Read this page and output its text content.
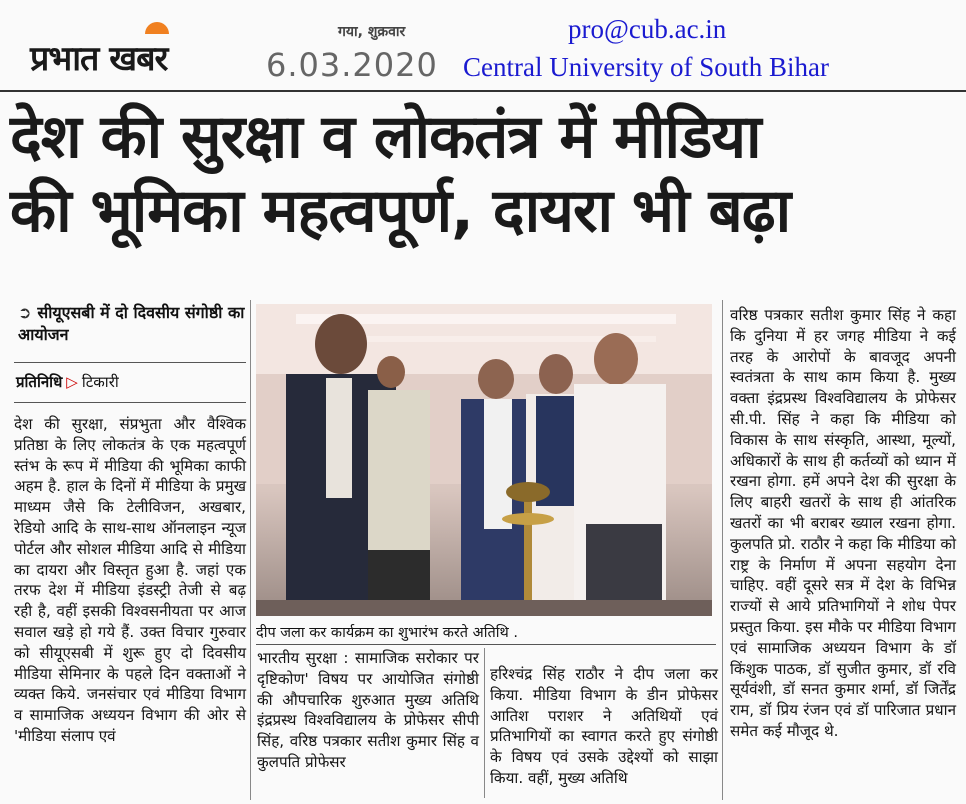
प्रभात खबर
गया, शुक्रवार
6.03.2020
pro@cub.ac.in
Central University of South Bihar
देश की सुरक्षा व लोकतंत्र में मीडिया
की भूमिका महत्वपूर्ण, दायरा भी बढ़ा
➲ सीयूएसबी में दो दिवसीय संगोष्ठी का आयोजन
प्रतिनिधि ▷ टिकारी
देश की सुरक्षा, संप्रभुता और वैश्विक प्रतिष्ठा के लिए लोकतंत्र के एक महत्वपूर्ण स्तंभ के रूप में मीडिया की भूमिका काफी अहम है. हाल के दिनों में मीडिया के प्रमुख माध्यम जैसे कि टेलीविजन, अखबार, रेडियो आदि के साथ-साथ ऑनलाइन न्यूज पोर्टल और सोशल मीडिया आदि से मीडिया का दायरा और विस्तृत हुआ है. जहां एक तरफ देश में मीडिया इंडस्ट्री तेजी से बढ़ रही है, वहीं इसकी विश्वसनीयता पर आज सवाल खड़े हो गये हैं. उक्त विचार गुरुवार को सीयूएसबी में शुरू हुए दो दिवसीय मीडिया सेमिनार के पहले दिन वक्ताओं ने व्यक्त किये. जनसंचार एवं मीडिया विभाग व सामाजिक अध्ययन विभाग की ओर से 'मीडिया संलाप एवं
दीप जला कर कार्यक्रम का शुभारंभ करते अतिथि .
भारतीय सुरक्षा : सामाजिक सरोकार पर दृष्टिकोण' विषय पर आयोजित संगोष्ठी की औपचारिक शुरुआत मुख्य अतिथि इंद्रप्रस्थ विश्वविद्यालय के प्रोफेसर सीपी सिंह, वरिष्ठ पत्रकार सतीश कुमार सिंह व कुलपति प्रोफेसर
हरिश्चंद्र सिंह राठौर ने दीप जला कर किया. मीडिया विभाग के डीन प्रोफेसर आतिश पराशर ने अतिथियों एवं प्रतिभागियों का स्वागत करते हुए संगोष्ठी के विषय एवं उसके उद्देश्यों को साझा किया. वहीं, मुख्य अतिथि
वरिष्ठ पत्रकार सतीश कुमार सिंह ने कहा कि दुनिया में हर जगह मीडिया ने कई तरह के आरोपों के बावजूद अपनी स्वतंत्रता के साथ काम किया है. मुख्य वक्ता इंद्रप्रस्थ विश्वविद्यालय के प्रोफेसर सी.पी. सिंह ने कहा कि मीडिया को विकास के साथ संस्कृति, आस्था, मूल्यों, अधिकारों के साथ ही कर्तव्यों को ध्यान में रखना होगा. हमें अपने देश की सुरक्षा के लिए बाहरी खतरों के साथ ही आंतरिक खतरों का भी बराबर ख्याल रखना होगा. कुलपति प्रो. राठौर ने कहा कि मीडिया को राष्ट्र के निर्माण में अपना सहयोग देना चाहिए. वहीं दूसरे सत्र में देश के विभिन्न राज्यों से आये प्रतिभागियों ने शोध पेपर प्रस्तुत किया. इस मौके पर मीडिया विभाग एवं सामाजिक अध्ययन विभाग के डॉ किंशुक पाठक, डॉ सुजीत कुमार, डॉ रवि सूर्यवंशी, डॉ सनत कुमार शर्मा, डॉ जिर्तेंद्र राम, डॉ प्रिय रंजन एवं डॉ पारिजात प्रधान समेत कई मौजूद थे.
